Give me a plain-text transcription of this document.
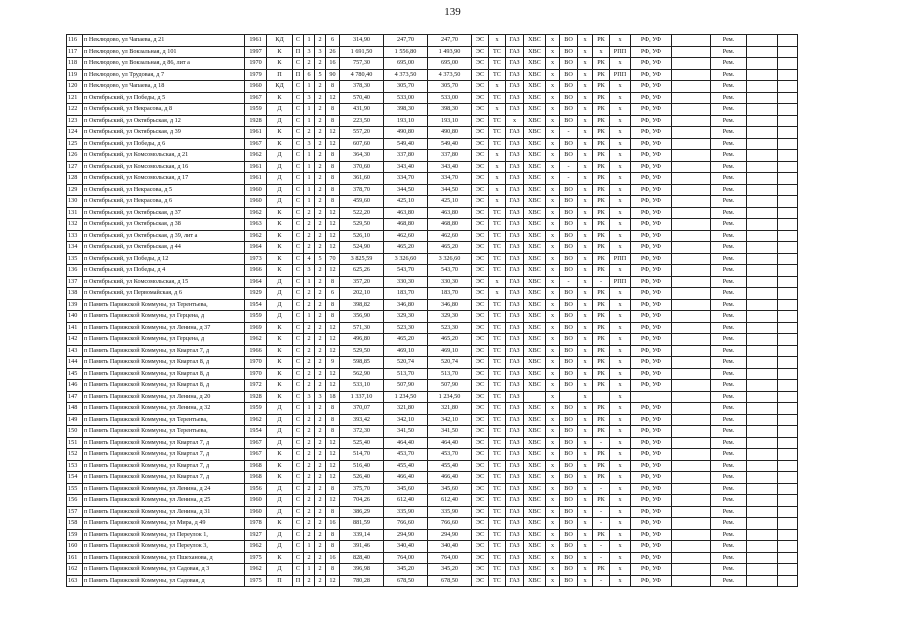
139
116	п Неклюдово, ул Чапаева, д 21	1961	КД	С	1	2	6	314,90	247,70	247,70	ЭС	х	ГАЗ	ХВС	х	ВО	х	РК	х	РФ, УФ		Рем.		
117	п Неклюдово, ул Вокзальная, д 101	1997	К	П	3	3	26	1 691,50	1 556,80	1 493,90	ЭС	ТС	ГАЗ	ХВС	х	ВО	х	х	РПП	РФ, УФ		Рем.		
118	п Неклюдово, ул Вокзальная, д 86, лит а	1970	К	С	2	2	16	757,30	695,00	695,00	ЭС	ТС	ГАЗ	ХВС	х	ВО	х	РК	х	РФ, УФ		Рем.		
119	п Неклюдово, ул Трудовая, д 7	1979	П	П	6	5	90	4 780,40	4 373,50	4 373,50	ЭС	ТС	ГАЗ	ХВС	х	ВО	х	РК	РПП	РФ, УФ		Рем.		
120	п Неклюдово, ул Чапаева, д 18	1960	КД	С	1	2	8	378,30	305,70	305,70	ЭС	х	ГАЗ	ХВС	х	ВО	х	РК	х	РФ, УФ		Рем.		
121	п Октябрьский, ул Победы, д 5	1967	К	С	3	2	12	570,40	533,00	533,00	ЭС	ТС	ГАЗ	ХВС	х	ВО	х	РК	х	РФ, УФ		Рем.		
122	п Октябрьский, ул Некрасова, д 8	1959	Д	С	1	2	8	431,90	398,30	398,30	ЭС	х	ГАЗ	ХВС	х	ВО	х	РК	х	РФ, УФ		Рем.		
123	п Октябрьский, ул Октябрьская, д 12	1928	Д	С	1	2	8	223,50	193,10	193,10	ЭС	ТС	х	ХВС	х	ВО	х	РК	х	РФ, УФ		Рем.		
124	п Октябрьский, ул Октябрьская, д 39	1961	К	С	2	2	12	557,20	490,80	490,80	ЭС	ТС	ГАЗ	ХВС	х	-	х	РК	х	РФ, УФ		Рем.		
125	п Октябрьский, ул Победы, д 6	1967	К	С	3	2	12	607,60	549,40	549,40	ЭС	ТС	ГАЗ	ХВС	х	ВО	х	РК	х	РФ, УФ		Рем.		
126	п Октябрьский, ул Комсомольская, д 21	1962	Д	С	1	2	8	364,30	337,80	337,80	ЭС	х	ГАЗ	ХВС	х	ВО	х	РК	х	РФ, УФ		Рем.		
127	п Октябрьский, ул Комсомольская, д 16	1961	Д	С	1	2	8	370,60	343,40	343,40	ЭС	х	ГАЗ	ХВС	х	-	х	РК	х	РФ, УФ		Рем.		
128	п Октябрьский, ул Комсомольская, д 17	1961	Д	С	1	2	8	361,60	334,70	334,70	ЭС	х	ГАЗ	ХВС	х	-	х	РК	х	РФ, УФ		Рем.		
129	п Октябрьский, ул Некрасова, д 5	1960	Д	С	1	2	8	378,70	344,50	344,50	ЭС	х	ГАЗ	ХВС	х	ВО	х	РК	х	РФ, УФ		Рем.		
130	п Октябрьский, ул Некрасова, д 6	1960	Д	С	1	2	8	459,60	425,10	425,10	ЭС	х	ГАЗ	ХВС	х	ВО	х	РК	х	РФ, УФ		Рем.		
131	п Октябрьский, ул Октябрьская, д 37	1962	К	С	2	2	12	522,20	463,80	463,80	ЭС	ТС	ГАЗ	ХВС	х	ВО	х	РК	х	РФ, УФ		Рем.		
132	п Октябрьский, ул Октябрьская, д 38	1963	К	С	2	2	12	529,50	468,80	468,80	ЭС	ТС	ГАЗ	ХВС	х	ВО	х	РК	х	РФ, УФ		Рем.		
133	п Октябрьский, ул Октябрьская, д 39, лит а	1962	К	С	2	2	12	526,10	462,60	462,60	ЭС	ТС	ГАЗ	ХВС	х	ВО	х	РК	х	РФ, УФ		Рем.		
134	п Октябрьский, ул Октябрьская, д 44	1964	К	С	2	2	12	524,90	465,20	465,20	ЭС	ТС	ГАЗ	ХВС	х	ВО	х	РК	х	РФ, УФ		Рем.		
135	п Октябрьский, ул Победы, д 12	1973	К	С	4	5	70	3 825,59	3 326,60	3 326,60	ЭС	ТС	ГАЗ	ХВС	х	ВО	х	РК	РПП	РФ, УФ		Рем.		
136	п Октябрьский, ул Победы, д 4	1966	К	С	3	2	12	625,26	543,70	543,70	ЭС	ТС	ГАЗ	ХВС	х	ВО	х	РК	х	РФ, УФ		Рем.		
137	п Октябрьский, ул Комсомольская, д 15	1964	Д	С	1	2	8	357,20	330,30	330,30	ЭС	х	ГАЗ	ХВС	х	-	х	-	РПП	РФ, УФ		Рем.		
138	п Октябрьский, ул Первомайская, д 6	1929	Д	С	2	2	6	202,10	183,70	183,70	ЭС	х	ГАЗ	ХВС	х	ВО	х	РК	х	РФ, УФ		Рем.		
139	п Память Парижской Коммуны, ул Терентьева,	1954	Д	С	2	2	8	398,82	346,80	346,80	ЭС	ТС	ГАЗ	ХВС	х	ВО	х	РК	х	РФ, УФ		Рем.		
140	п Память Парижской Коммуны, ул Герцена, д	1959	Д	С	1	2	8	356,90	329,30	329,30	ЭС	ТС	ГАЗ	ХВС	х	ВО	х	РК	х	РФ, УФ		Рем.		
141	п Память Парижской Коммуны, ул Ленина, д 37	1969	К	С	2	2	12	571,30	523,30	523,30	ЭС	ТС	ГАЗ	ХВС	х	ВО	х	РК	х	РФ, УФ		Рем.		
142	п Память Парижской Коммуны, ул Герцена, д	1962	К	С	2	2	12	496,80	465,20	465,20	ЭС	ТС	ГАЗ	ХВС	х	ВО	х	РК	х	РФ, УФ		Рем.		
143	п Память Парижской Коммуны, ул Квартал 7, д	1966	К	С	2	2	12	529,50	469,10	469,10	ЭС	ТС	ГАЗ	ХВС	х	ВО	х	РК	х	РФ, УФ		Рем.		
144	п Память Парижской Коммуны, ул Квартал 8, д	1970	К	С	2	2	9	598,85	520,74	520,74	ЭС	ТС	ГАЗ	ХВС	х	ВО	х	РК	х	РФ, УФ		Рем.		
145	п Память Парижской Коммуны, ул Квартал 8, д	1970	К	С	2	2	12	562,90	513,70	513,70	ЭС	ТС	ГАЗ	ХВС	х	ВО	х	РК	х	РФ, УФ		Рем.		
146	п Память Парижской Коммуны, ул Квартал 8, д	1972	К	С	2	2	12	533,10	507,90	507,90	ЭС	ТС	ГАЗ	ХВС	х	ВО	х	РК	х	РФ, УФ		Рем.		
147	п Память Парижской Коммуны, ул Ленина, д 20	1928	К	С	3	3	18	1 337,10	1 234,50	1 234,50	ЭС	ТС	ГАЗ		х		х		х			Рем.		
148	п Память Парижской Коммуны, ул Ленина, д 32	1959	Д	С	1	2	8	370,07	321,80	321,80	ЭС	ТС	ГАЗ	ХВС	х	ВО	х	РК	х	РФ, УФ		Рем.		
149	п Память Парижской Коммуны, ул Терентьева,	1962	Д	С	2	2	8	393,42	342,10	342,10	ЭС	ТС	ГАЗ	ХВС	х	ВО	х	РК	х	РФ, УФ		Рем.		
150	п Память Парижской Коммуны, ул Терентьева,	1954	Д	С	2	2	8	372,30	341,50	341,50	ЭС	ТС	ГАЗ	ХВС	х	ВО	х	РК	х	РФ, УФ		Рем.		
151	п Память Парижской Коммуны, ул Квартал 7, д	1967	Д	С	2	2	12	525,40	464,40	464,40	ЭС	ТС	ГАЗ	ХВС	х	ВО	х	-	х	РФ, УФ		Рем.		
152	п Память Парижской Коммуны, ул Квартал 7, д	1967	К	С	2	2	12	514,70	453,70	453,70	ЭС	ТС	ГАЗ	ХВС	х	ВО	х	РК	х	РФ, УФ		Рем.		
153	п Память Парижской Коммуны, ул Квартал 7, д	1968	К	С	2	2	12	516,40	455,40	455,40	ЭС	ТС	ГАЗ	ХВС	х	ВО	х	РК	х	РФ, УФ		Рем.		
154	п Память Парижской Коммуны, ул Квартал 7, д	1968	К	С	2	2	12	526,40	466,40	466,40	ЭС	ТС	ГАЗ	ХВС	х	ВО	х	РК	х	РФ, УФ		Рем.		
155	п Память Парижской Коммуны, ул Ленина, д 24	1956	Д	С	2	2	8	375,70	345,60	345,60	ЭС	ТС	ГАЗ	ХВС	х	ВО	х	-	х	РФ, УФ		Рем.		
156	п Память Парижской Коммуны, ул Ленина, д 25	1960	Д	С	2	2	12	704,26	612,40	612,40	ЭС	ТС	ГАЗ	ХВС	х	ВО	х	РК	х	РФ, УФ		Рем.		
157	п Память Парижской Коммуны, ул Ленина, д 31	1960	Д	С	2	2	8	386,29	335,90	335,90	ЭС	ТС	ГАЗ	ХВС	х	ВО	х	-	х	РФ, УФ		Рем.		
158	п Память Парижской Коммуны, ул Мира, д 49	1978	К	С	2	2	16	881,59	766,60	766,60	ЭС	ТС	ГАЗ	ХВС	х	ВО	х	-	х	РФ, УФ		Рем.		
159	п Память Парижской Коммуны, ул Переулок 1,	1927	Д	С	2	2	8	339,14	294,90	294,90	ЭС	ТС	ГАЗ	ХВС	х	ВО	х	РК	х	РФ, УФ		Рем.		
160	п Память Парижской Коммуны, ул Переулок 3,	1962	Д	С	1	2	8	391,46	340,40	340,40	ЭС	ТС	ГАЗ	ХВС	х	ВО	х	-	х	РФ, УФ		Рем.		
161	п Память Парижской Коммуны, ул Пшеханова, д	1975	К	С	2	2	16	828,40	764,00	764,00	ЭС	ТС	ГАЗ	ХВС	х	ВО	х	-	х	РФ, УФ		Рем.		
162	п Память Парижской Коммуны, ул Садовая, д 3	1962	Д	С	1	2	8	396,98	345,20	345,20	ЭС	ТС	ГАЗ	ХВС	х	ВО	х	РК	х	РФ, УФ		Рем.		
163	п Память Парижской Коммуны, ул Садовая, д	1975	П	П	2	2	12	780,28	678,50	678,50	ЭС	ТС	ГАЗ	ХВС	х	ВО	х	-	х	РФ, УФ		Рем.		
